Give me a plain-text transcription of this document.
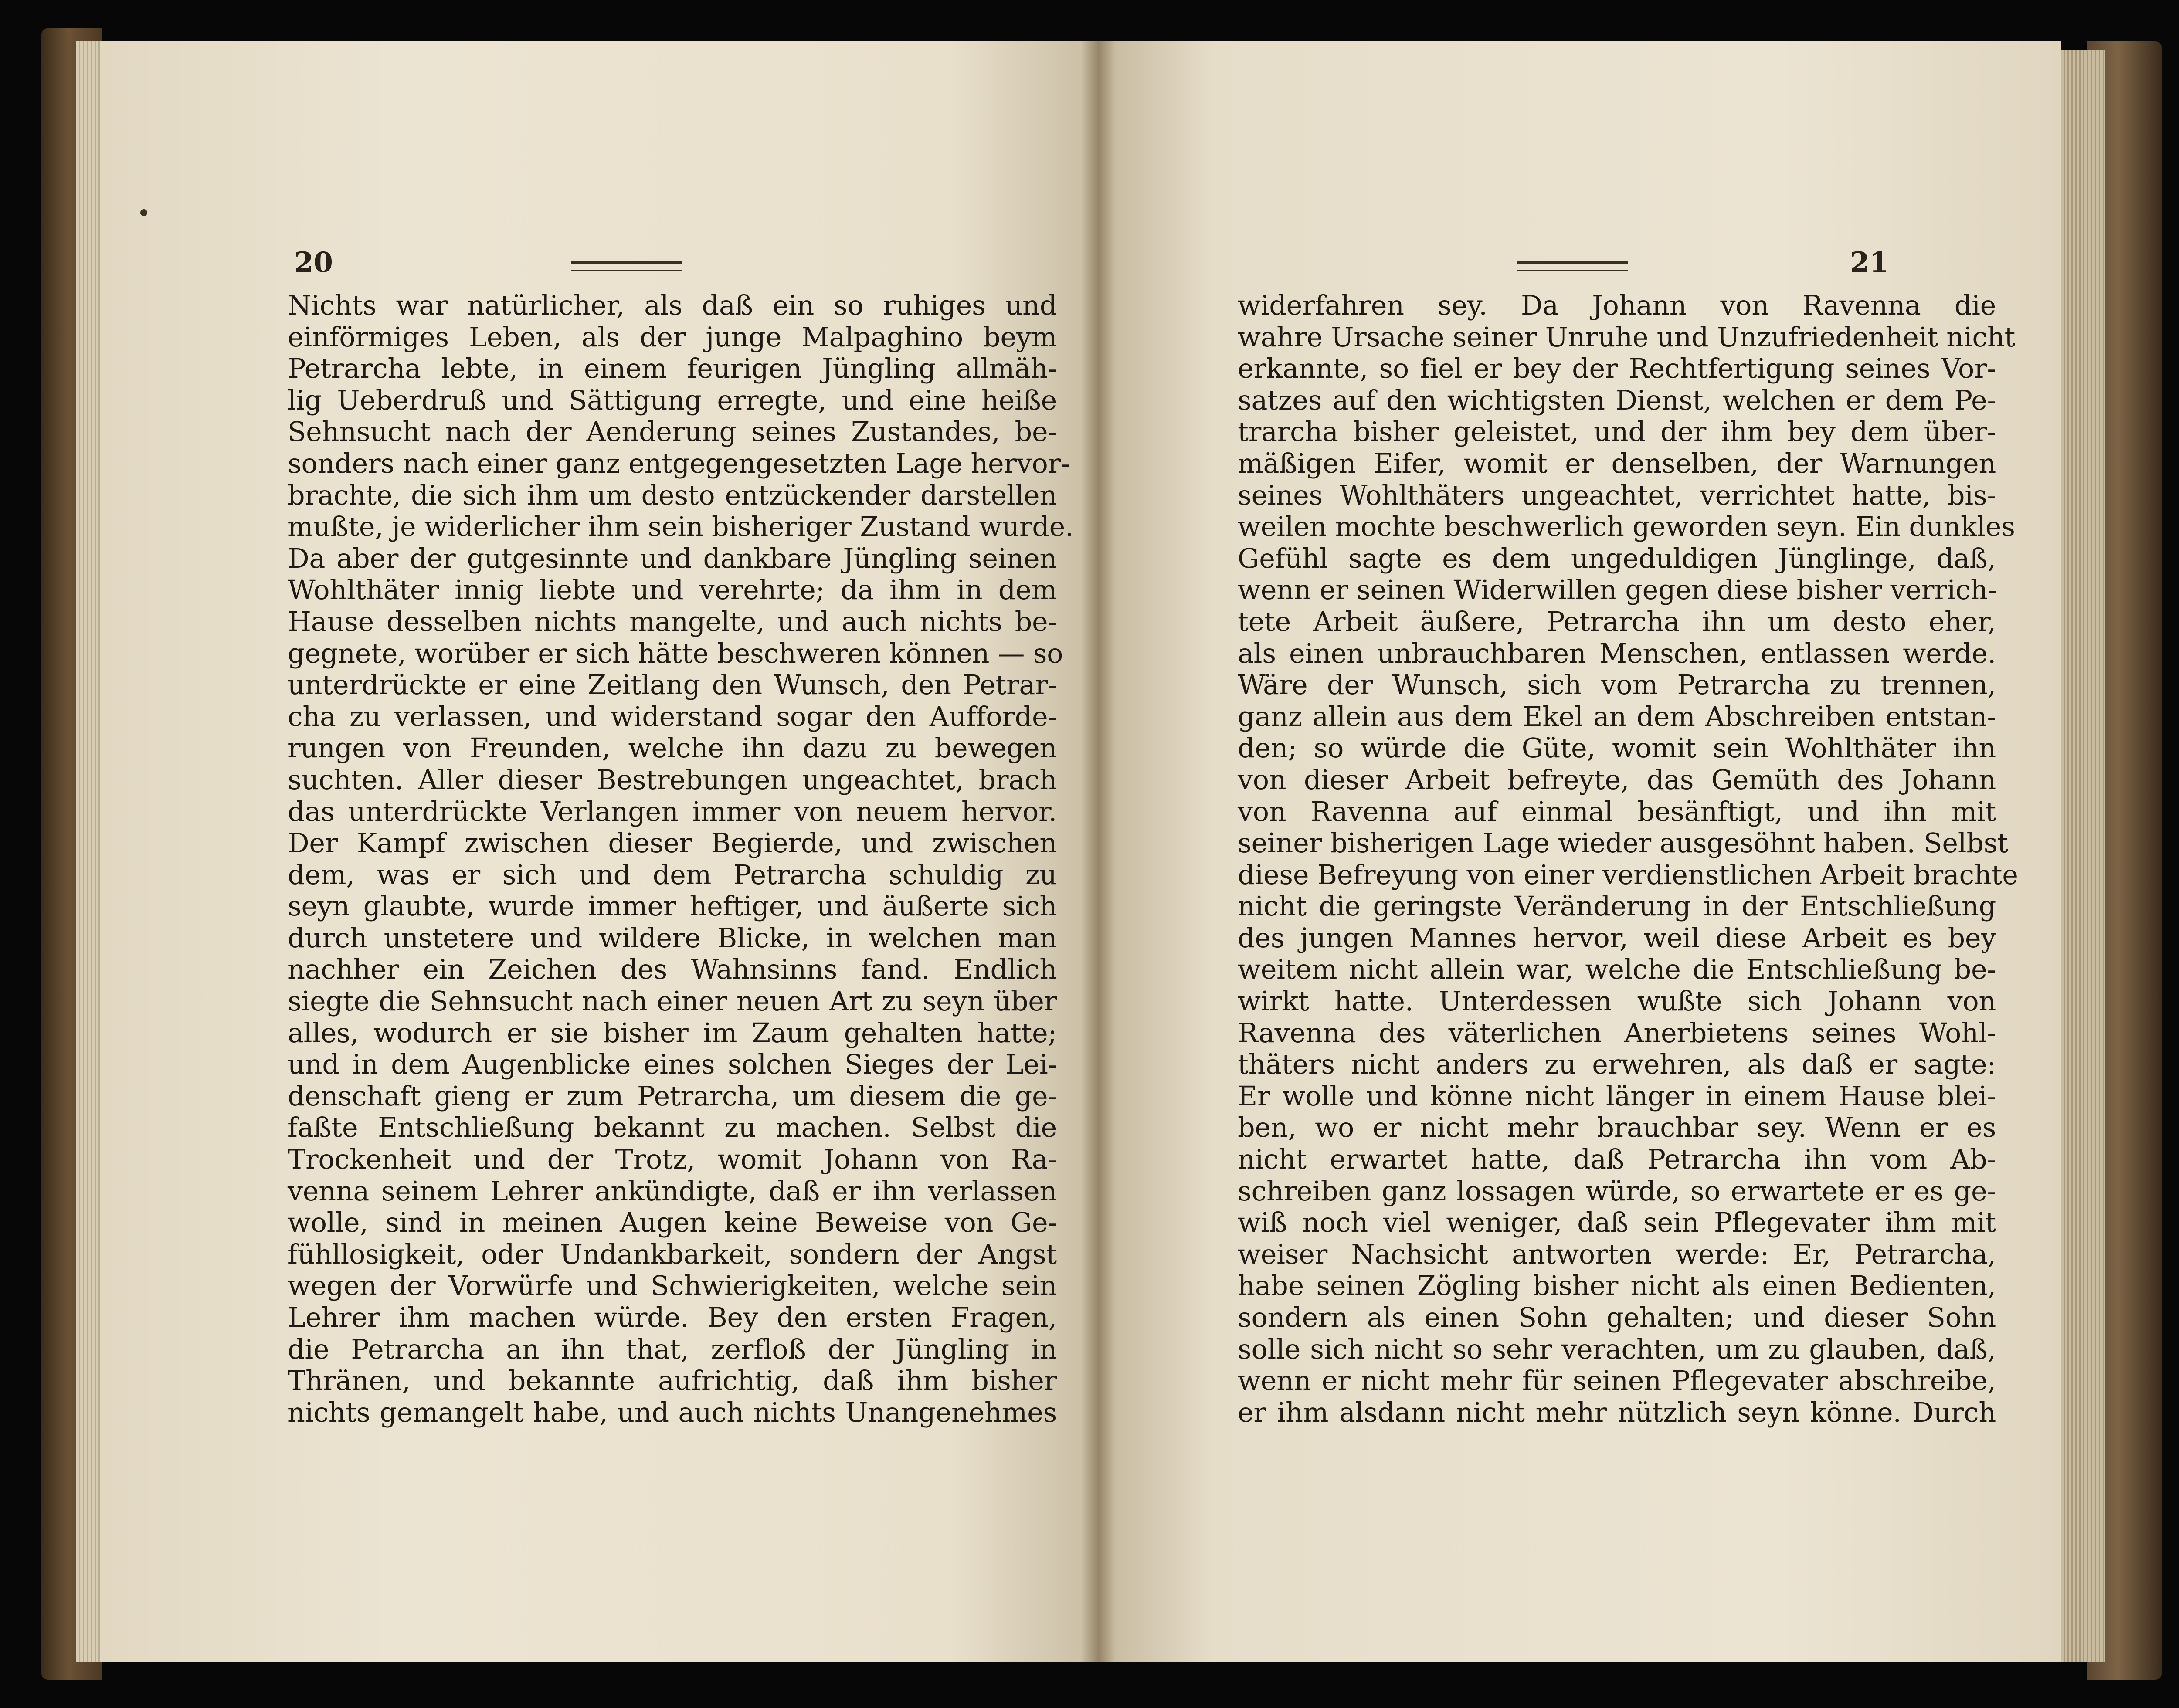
20
Nichts war natürlicher, als daß ein so ruhiges und
einförmiges Leben, als der junge Malpaghino beym
Petrarcha lebte, in einem feurigen Jüngling allmäh-
lig Ueberdruß und Sättigung erregte, und eine heiße
Sehnsucht nach der Aenderung seines Zustandes, be-
sonders nach einer ganz entgegengesetzten Lage hervor-
brachte, die sich ihm um desto entzückender darstellen
mußte, je widerlicher ihm sein bisheriger Zustand wurde.
Da aber der gutgesinnte und dankbare Jüngling seinen
Wohlthäter innig liebte und verehrte; da ihm in dem
Hause desselben nichts mangelte, und auch nichts be-
gegnete, worüber er sich hätte beschweren können — so
unterdrückte er eine Zeitlang den Wunsch, den Petrar-
cha zu verlassen, und widerstand sogar den Aufforde-
rungen von Freunden, welche ihn dazu zu bewegen
suchten. Aller dieser Bestrebungen ungeachtet, brach
das unterdrückte Verlangen immer von neuem hervor.
Der Kampf zwischen dieser Begierde, und zwischen
dem, was er sich und dem Petrarcha schuldig zu
seyn glaubte, wurde immer heftiger, und äußerte sich
durch unstetere und wildere Blicke, in welchen man
nachher ein Zeichen des Wahnsinns fand. Endlich
siegte die Sehnsucht nach einer neuen Art zu seyn über
alles, wodurch er sie bisher im Zaum gehalten hatte;
und in dem Augenblicke eines solchen Sieges der Lei-
denschaft gieng er zum Petrarcha, um diesem die ge-
faßte Entschließung bekannt zu machen. Selbst die
Trockenheit und der Trotz, womit Johann von Ra-
venna seinem Lehrer ankündigte, daß er ihn verlassen
wolle, sind in meinen Augen keine Beweise von Ge-
fühllosigkeit, oder Undankbarkeit, sondern der Angst
wegen der Vorwürfe und Schwierigkeiten, welche sein
Lehrer ihm machen würde. Bey den ersten Fragen,
die Petrarcha an ihn that, zerfloß der Jüngling in
Thränen, und bekannte aufrichtig, daß ihm bisher
nichts gemangelt habe, und auch nichts Unangenehmes
21
widerfahren sey. Da Johann von Ravenna die
wahre Ursache seiner Unruhe und Unzufriedenheit nicht
erkannte, so fiel er bey der Rechtfertigung seines Vor-
satzes auf den wichtigsten Dienst, welchen er dem Pe-
trarcha bisher geleistet, und der ihm bey dem über-
mäßigen Eifer, womit er denselben, der Warnungen
seines Wohlthäters ungeachtet, verrichtet hatte, bis-
weilen mochte beschwerlich geworden seyn. Ein dunkles
Gefühl sagte es dem ungeduldigen Jünglinge, daß,
wenn er seinen Widerwillen gegen diese bisher verrich-
tete Arbeit äußere, Petrarcha ihn um desto eher,
als einen unbrauchbaren Menschen, entlassen werde.
Wäre der Wunsch, sich vom Petrarcha zu trennen,
ganz allein aus dem Ekel an dem Abschreiben entstan-
den; so würde die Güte, womit sein Wohlthäter ihn
von dieser Arbeit befreyte, das Gemüth des Johann
von Ravenna auf einmal besänftigt, und ihn mit
seiner bisherigen Lage wieder ausgesöhnt haben. Selbst
diese Befreyung von einer verdienstlichen Arbeit brachte
nicht die geringste Veränderung in der Entschließung
des jungen Mannes hervor, weil diese Arbeit es bey
weitem nicht allein war, welche die Entschließung be-
wirkt hatte. Unterdessen wußte sich Johann von
Ravenna des väterlichen Anerbietens seines Wohl-
thäters nicht anders zu erwehren, als daß er sagte:
Er wolle und könne nicht länger in einem Hause blei-
ben, wo er nicht mehr brauchbar sey. Wenn er es
nicht erwartet hatte, daß Petrarcha ihn vom Ab-
schreiben ganz lossagen würde, so erwartete er es ge-
wiß noch viel weniger, daß sein Pflegevater ihm mit
weiser Nachsicht antworten werde: Er, Petrarcha,
habe seinen Zögling bisher nicht als einen Bedienten,
sondern als einen Sohn gehalten; und dieser Sohn
solle sich nicht so sehr verachten, um zu glauben, daß,
wenn er nicht mehr für seinen Pflegevater abschreibe,
er ihm alsdann nicht mehr nützlich seyn könne. Durch
